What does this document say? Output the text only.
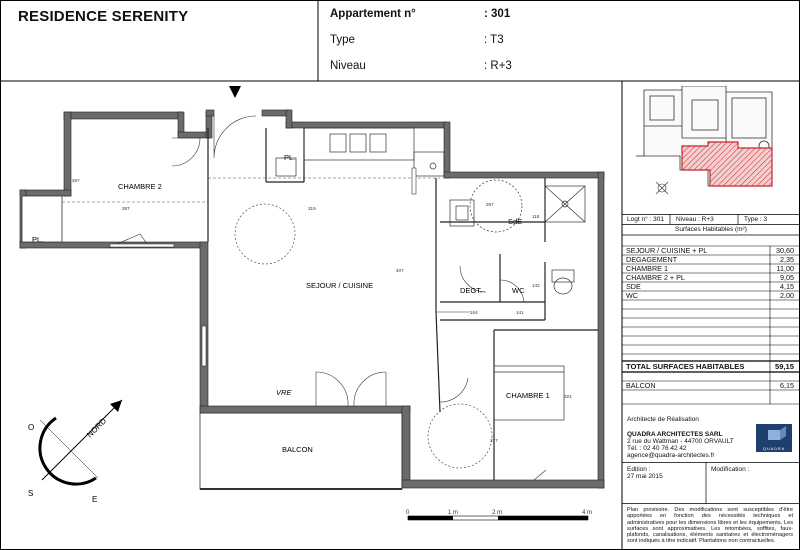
RESIDENCE SERENITY	Appartement n°	: 301
Type	: T3
Niveau	: R+3
Logt n° : 301 Niveau : R+3	Type : 3
Surfaces Habitables (m²)
SEJOUR / CUISINE + PL	30,60
DEGAGEMENT	2,35
CHAMBRE 1	11,00
CHAMBRE 2 + PL	9,05
SDE	4,15
WC	2,00
TOTAL SURFACES HABITABLES	59,15
BALCON	6,15
Architecte de Réalisation
QUADRA ARCHITECTES SARL
2 rue du Wattman - 44700 ORVAULT
Tél. : 02 40 76 42 42
agence@quadra-architectes.fr
QUADRA
Edition :
27 mai 2015
Modification :
Plan provisoire. Des modifications sont susceptibles d'être apportées en fonction des nécessités techniques et administratives pour les dimensions libres et les équipements. Les surfaces sont approximatives. Les retombées, soffites, faux-plafonds, canalisations, éléments sanitaires et électroménagers sont indiqués à titre indicatif. Plantations non contractuelles.
CHAMBRE 2
PL.
PL.
SEJOUR / CUISINE
SdE
DEGT.	WC
CHAMBRE 1
BALCON
VRE
287
267
319
407
297
118
164	141
142
377
324
NORD
O
S
E
0	1 m	2 m	4 m
